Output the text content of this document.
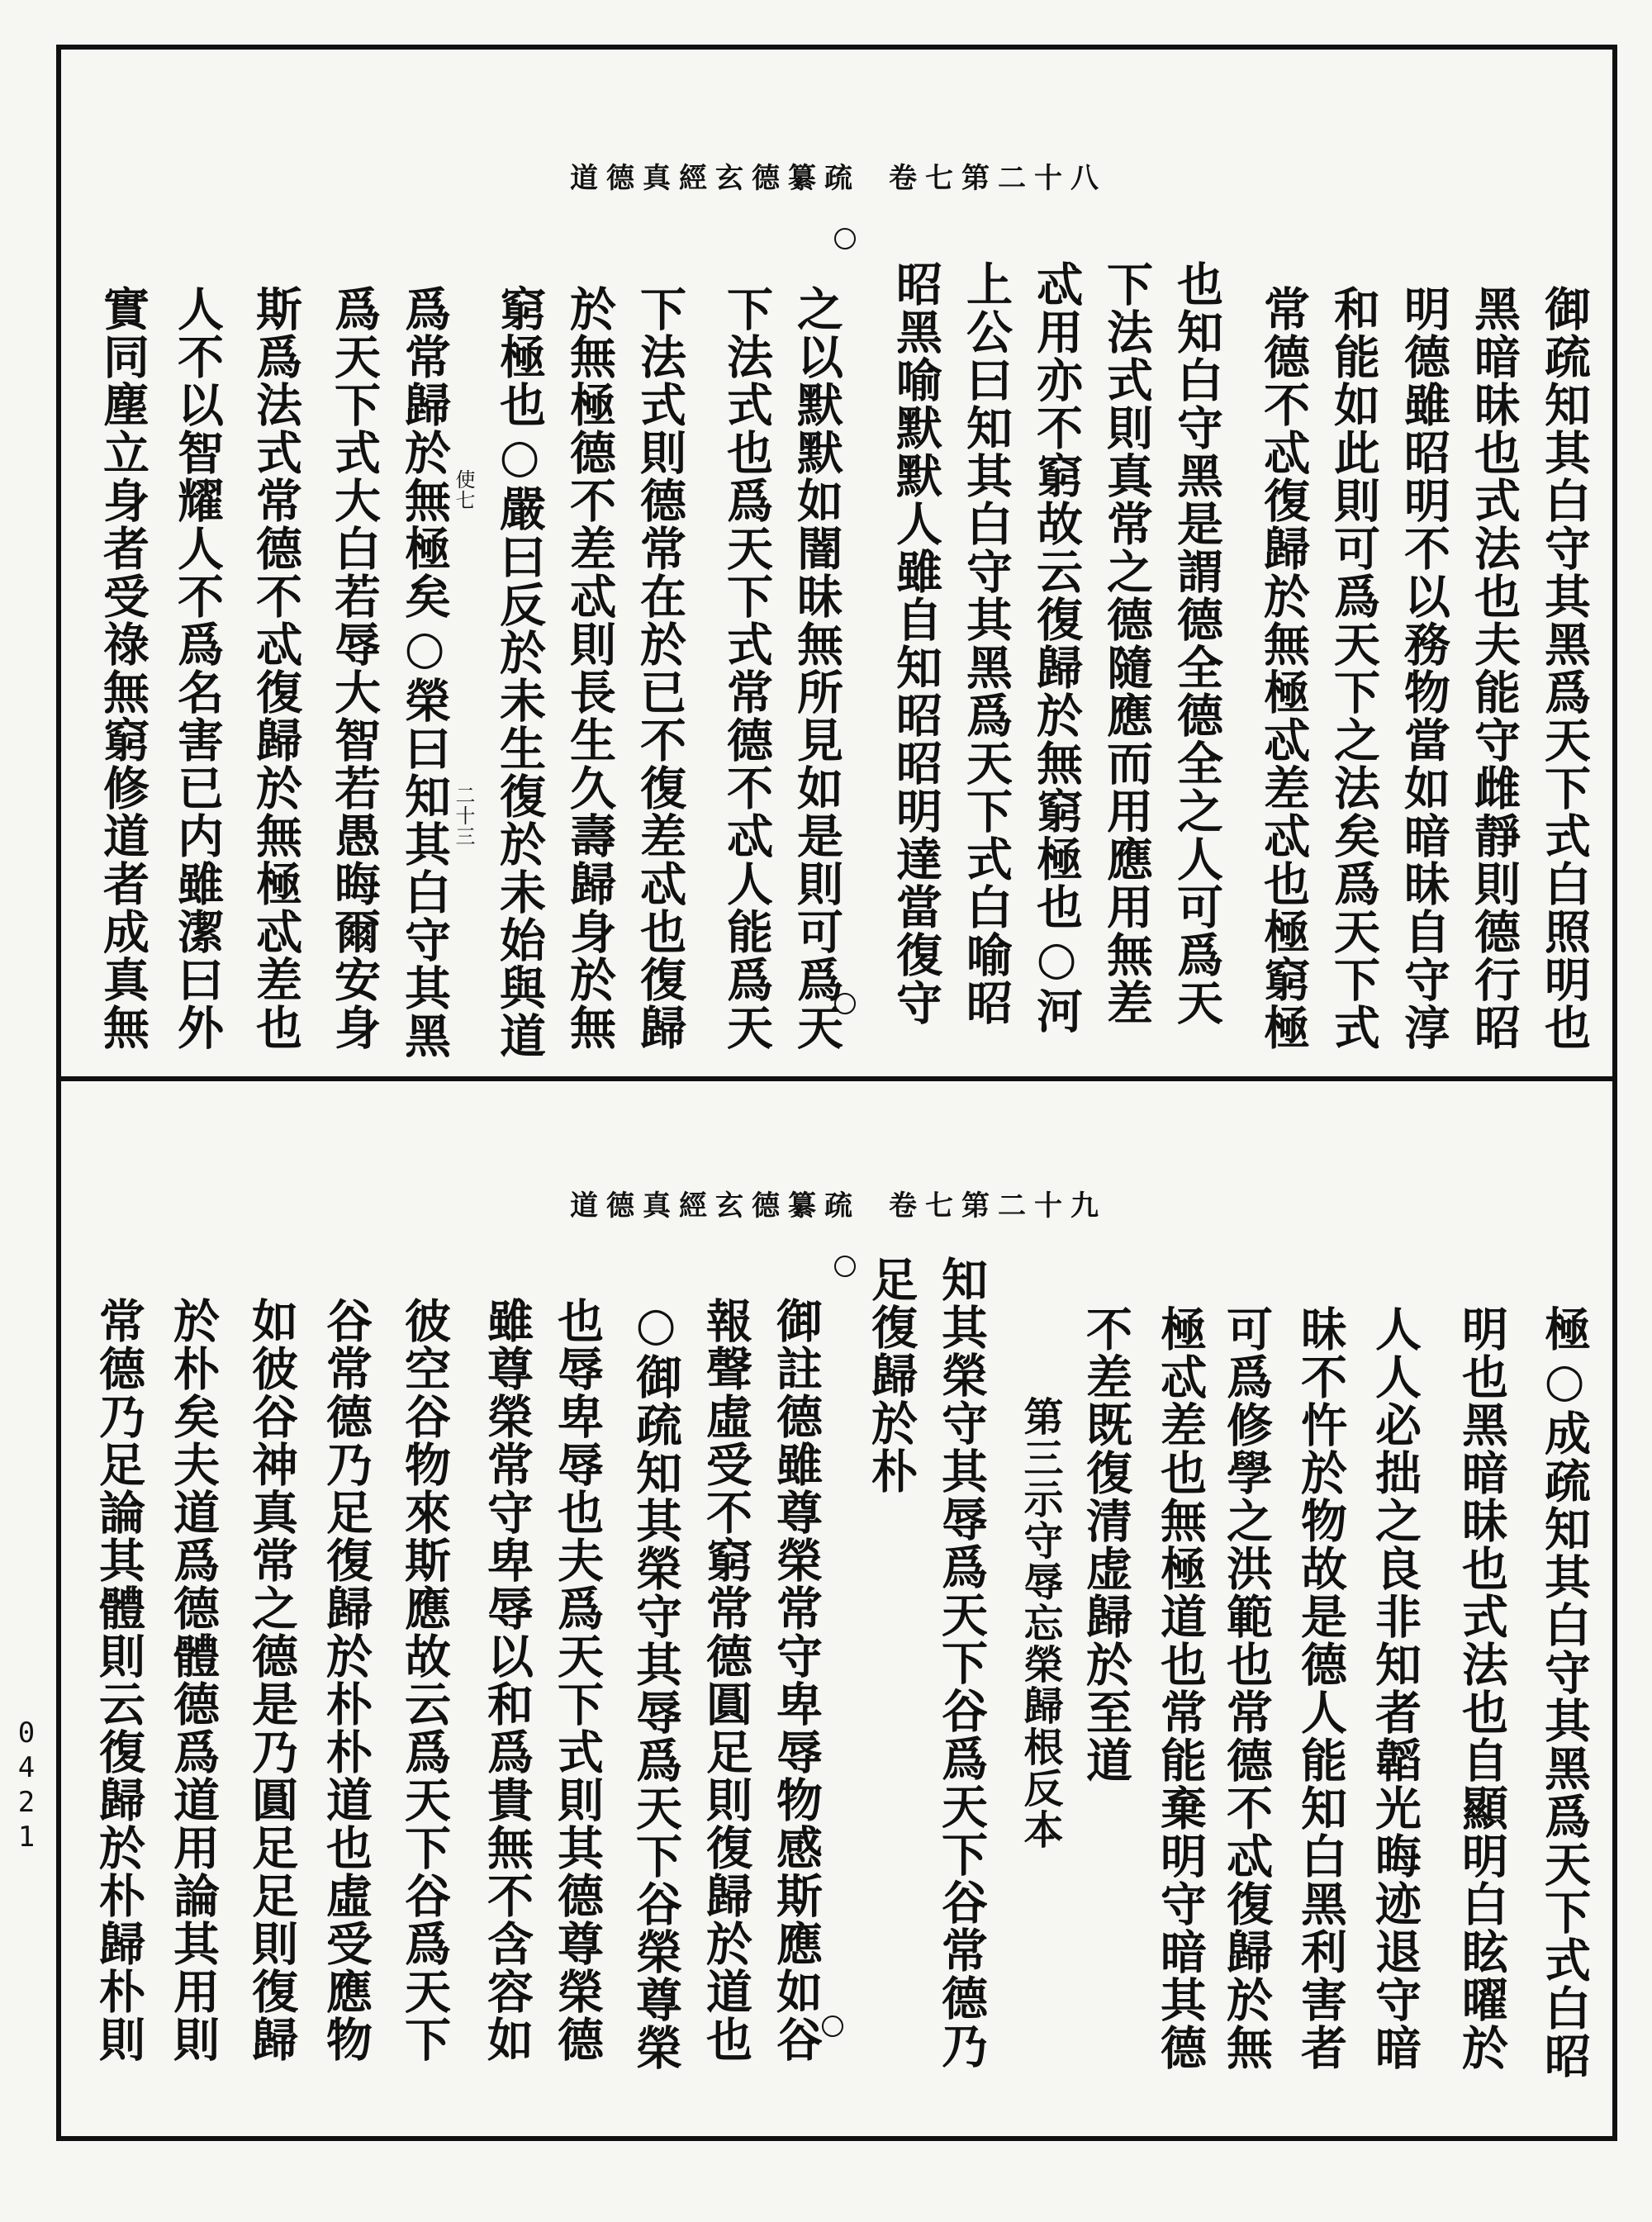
0421
道德真經玄德纂疏 卷七第二十八
御疏知其白守其黑爲天下式白照明也
黑暗昧也式法也夫能守雌靜則德行昭
明德雖昭明不以務物當如暗昧自守淳
和能如此則可爲天下之法矣爲天下式
常德不忒復歸於無極忒差忒也極窮極
也知白守黑是謂德全德全之人可爲天
下法式則真常之德隨應而用應用無差
忒用亦不窮故云復歸於無窮極也○河
上公曰知其白守其黑爲天下式白喻昭
昭黑喻默默人雖自知昭昭明達當復守
之以默默如闇昧無所見如是則可爲天
下法式也爲天下式常德不忒人能爲天
下法式則德常在於已不復差忒也復歸
於無極德不差忒則長生久壽歸身於無
窮極也○嚴曰反於未生復於未始與道
爲常歸於無極矣○榮曰知其白守其黑
爲天下式大白若辱大智若愚晦爾安身
斯爲法式常德不忒復歸於無極忒差也
人不以智耀人不爲名害已内雖潔曰外
實同塵立身者受祿無窮修道者成真無	使七
二十三
道德真經玄德纂疏 卷七第二十九
極○成疏知其白守其黑爲天下式白昭
明也黑暗昧也式法也自顯明白眩曜於
人人必拙之良非知者韜光晦迹退守暗
昧不忤於物故是德人能知白黑利害者
可爲修學之洪範也常德不忒復歸於無
極忒差也無極道也常能棄明守暗其德
不差既復清虚歸於至道
第三示守辱忘榮歸根反本
知其榮守其辱爲天下谷爲天下谷常德乃
足復歸於朴
御註德雖尊榮常守卑辱物感斯應如谷
報聲虛受不窮常德圓足則復歸於道也
○御疏知其榮守其辱爲天下谷榮尊榮
也辱卑辱也夫爲天下式則其德尊榮德
雖尊榮常守卑辱以和爲貴無不含容如
彼空谷物來斯應故云爲天下谷爲天下
谷常德乃足復歸於朴朴道也虛受應物
如彼谷神真常之德是乃圓足足則復歸
於朴矣夫道爲德體德爲道用論其用則
常德乃足論其體則云復歸於朴歸朴則
